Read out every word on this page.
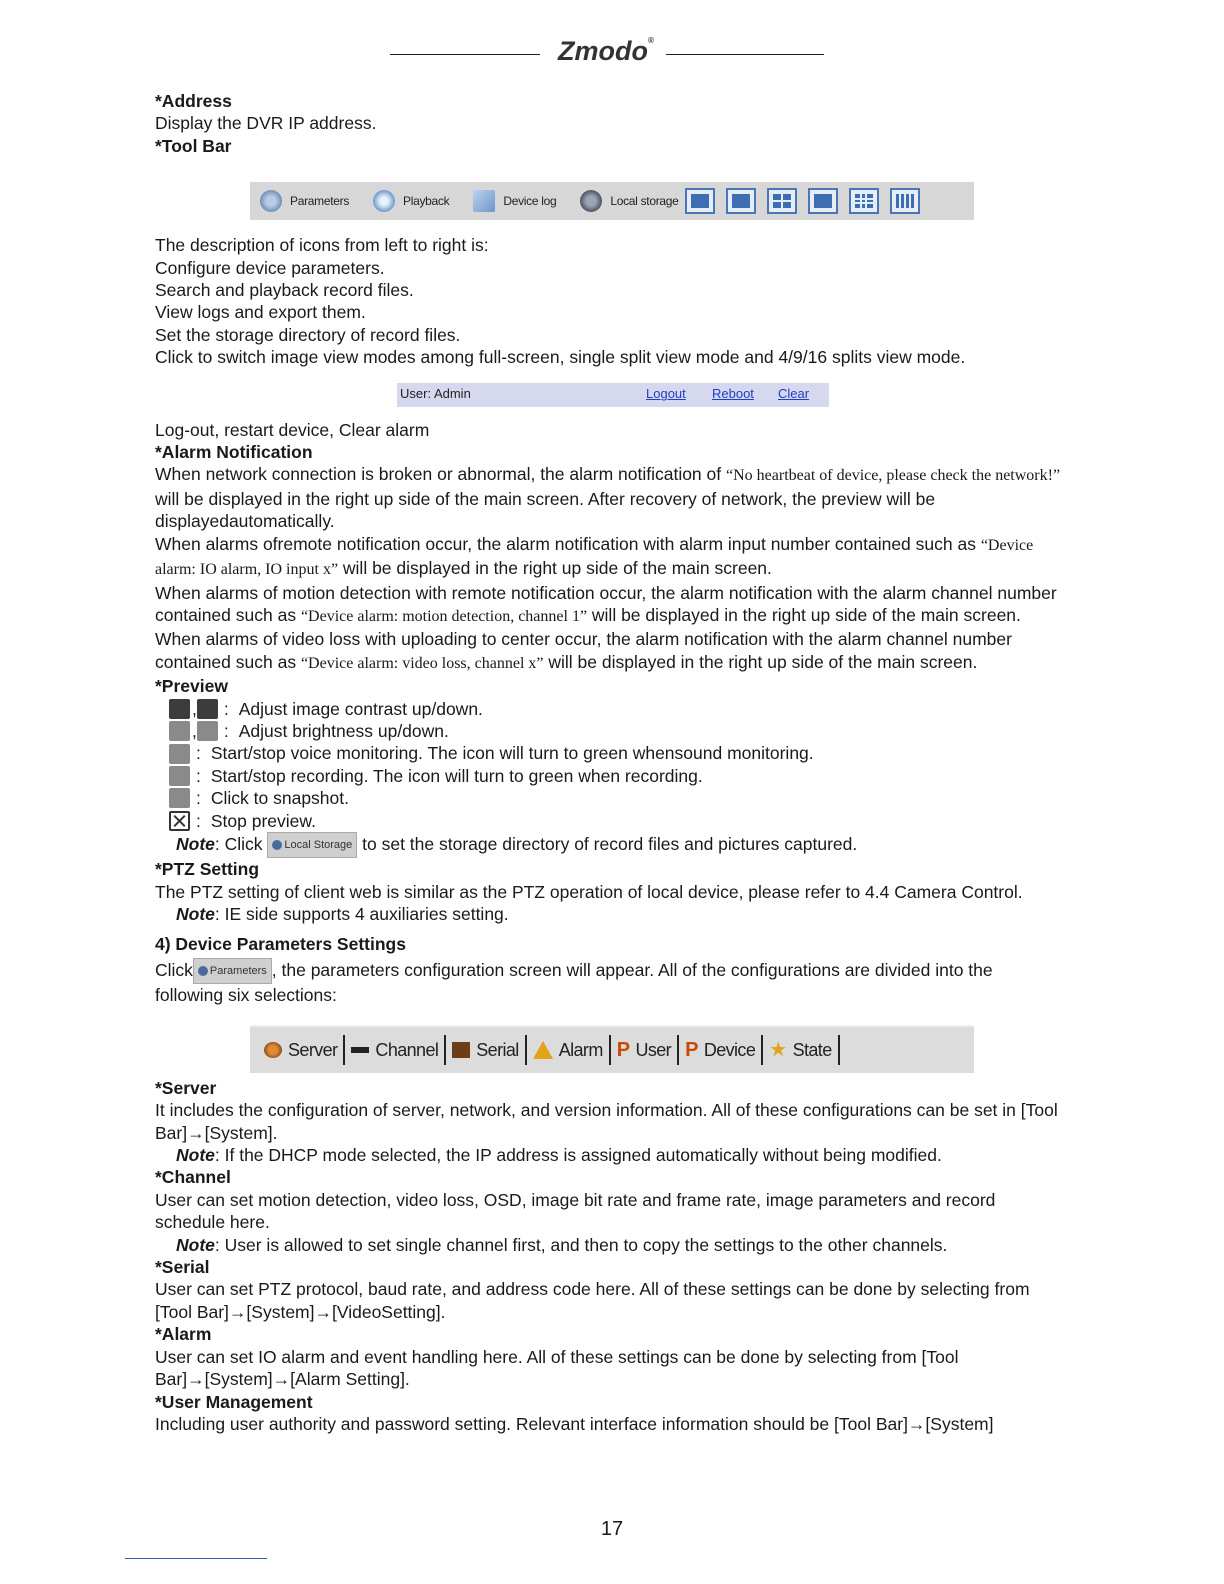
Zmodo®

*Address

Display the DVR IP address.

*Tool Bar

Parameters	Playback	Device log	Local storage

The description of icons from left to right is:

Configure device parameters.

Search and playback record files.

View logs and export them.

Set the storage directory of record files.

Click to switch image view modes among full-screen, single split view mode and 4/9/16 splits view mode.

User: Admin	Logout Reboot Clear

Log-out, restart device, Clear alarm

*Alarm Notification

When network connection is broken or abnormal, the alarm notification of “No heartbeat of device, please check the network!” will be displayed in the right up side of the main screen. After recovery of network, the preview will be displayedautomatically.

When alarms ofremote notification occur, the alarm notification with alarm input number contained such as “Device alarm: IO alarm, IO input x” will be displayed in the right up side of the main screen.

When alarms of motion detection with remote notification occur, the alarm notification with the alarm channel number contained such as “Device alarm: motion detection, channel 1” will be displayed in the right up side of the main screen.

When alarms of video loss with uploading to center occur, the alarm notification with the alarm channel number contained such as “Device alarm: video loss, channel x” will be displayed in the right up side of the main screen.

*Preview

, : Adjust image contrast up/down.
, : Adjust brightness up/down.
: Start/stop voice monitoring. The icon will turn to green whensound monitoring.
: Start/stop recording. The icon will turn to green when recording.
: Click to snapshot.
: Stop preview.

Note: Click Local Storage to set the storage directory of record files and pictures captured.

*PTZ Setting

The PTZ setting of client web is similar as the PTZ operation of local device, please refer to 4.4 Camera Control.

Note: IE side supports 4 auxiliaries setting.

4) Device Parameters Settings

Click Parameters , the parameters configuration screen will appear. All of the configurations are divided into the following six selections:

Server Channel Serial Alarm P User P Device ★ State

*Server

It includes the configuration of server, network, and version information. All of these configurations can be set in [Tool Bar]→[System].

Note: If the DHCP mode selected, the IP address is assigned automatically without being modified.

*Channel

User can set motion detection, video loss, OSD, image bit rate and frame rate, image parameters and record schedule here.

Note: User is allowed to set single channel first, and then to copy the settings to the other channels.

*Serial

User can set PTZ protocol, baud rate, and address code here. All of these settings can be done by selecting from [Tool Bar]→[System]→[VideoSetting].

*Alarm

User can set IO alarm and event handling here. All of these settings can be done by selecting from [Tool Bar]→[System]→[Alarm Setting].

*User Management

Including user authority and password setting. Relevant interface information should be [Tool Bar]→[System]

17
